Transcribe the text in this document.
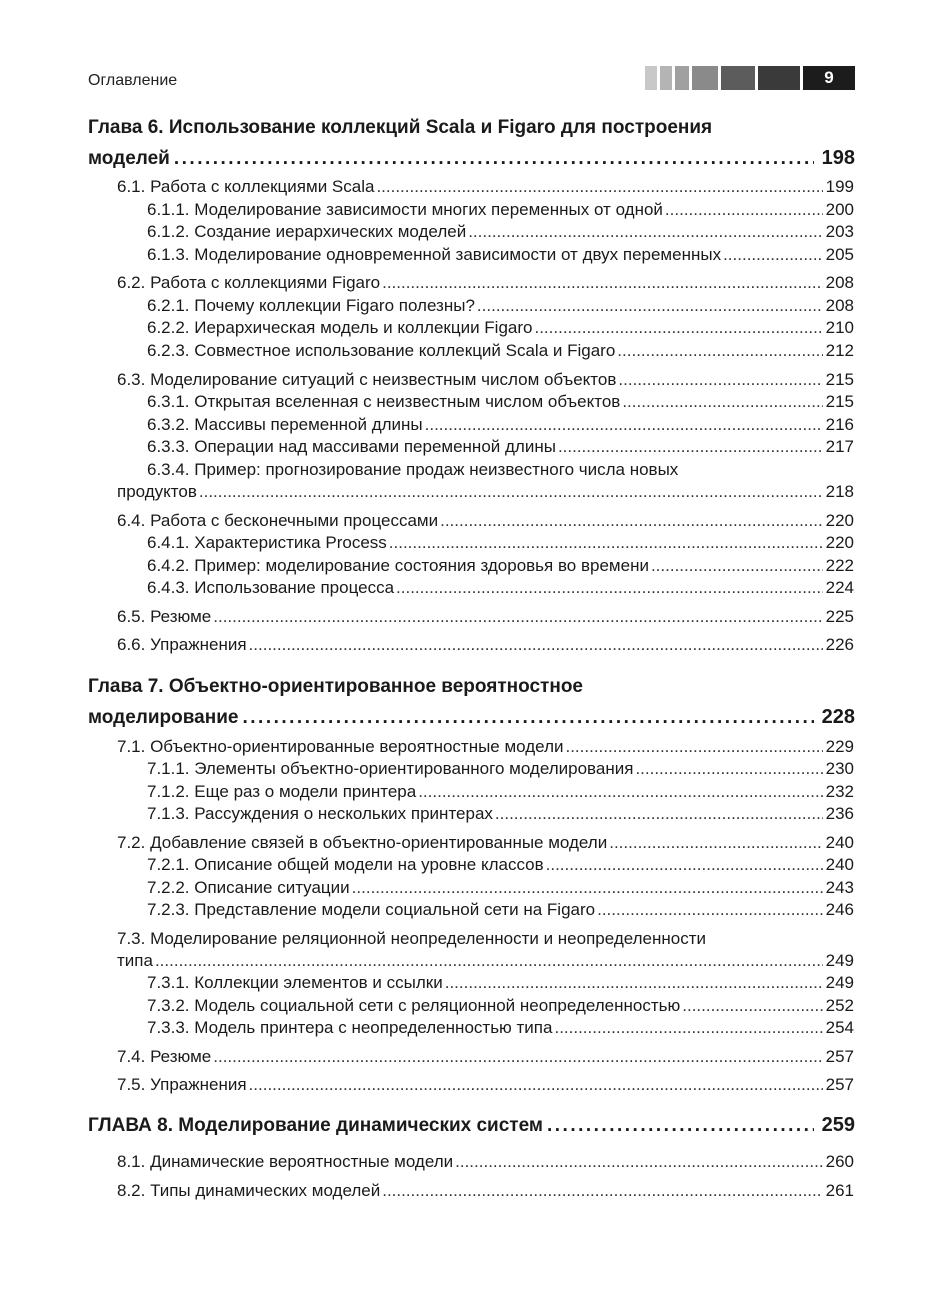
Оглавление	9
Глава 6. Использование коллекций Scala и Figaro для построения
моделей .....	198
6.1. Работа с коллекциями Scala .....	199
6.1.1. Моделирование зависимости многих переменных от одной .....	200
6.1.2. Создание иерархических моделей .....	203
6.1.3. Моделирование одновременной зависимости от двух переменных .....	205
6.2. Работа с коллекциями Figaro .....	208
6.2.1. Почему коллекции Figaro полезны? .....	208
6.2.2. Иерархическая модель и коллекции Figaro .....	210
6.2.3. Совместное использование коллекций Scala и Figaro .....	212
6.3. Моделирование ситуаций с неизвестным числом объектов .....	215
6.3.1. Открытая вселенная с неизвестным числом объектов .....	215
6.3.2. Массивы переменной длины .....	216
6.3.3. Операции над массивами переменной длины .....	217
6.3.4. Пример: прогнозирование продаж неизвестного числа новых
продуктов .....	218
6.4. Работа с бесконечными процессами .....	220
6.4.1. Характеристика Process .....	220
6.4.2. Пример: моделирование состояния здоровья во времени .....	222
6.4.3. Использование процесса .....	224
6.5. Резюме .....	225
6.6. Упражнения .....	226
Глава 7. Объектно-ориентированное вероятностное
моделирование .....	228
7.1. Объектно-ориентированные вероятностные модели .....	229
7.1.1. Элементы объектно-ориентированного моделирования .....	230
7.1.2. Еще раз о модели принтера .....	232
7.1.3. Рассуждения о нескольких принтерах .....	236
7.2. Добавление связей в объектно-ориентированные модели .....	240
7.2.1. Описание общей модели на уровне классов .....	240
7.2.2. Описание ситуации .....	243
7.2.3. Представление модели социальной сети на Figaro .....	246
7.3. Моделирование реляционной неопределенности и неопределенности
типа .....	249
7.3.1. Коллекции элементов и ссылки .....	249
7.3.2. Модель социальной сети с реляционной неопределенностью .....	252
7.3.3. Модель принтера с неопределенностью типа .....	254
7.4. Резюме .....	257
7.5. Упражнения .....	257
ГЛАВА 8. Моделирование динамических систем .....	259
8.1. Динамические вероятностные модели .....	260
8.2. Типы динамических моделей .....	261
